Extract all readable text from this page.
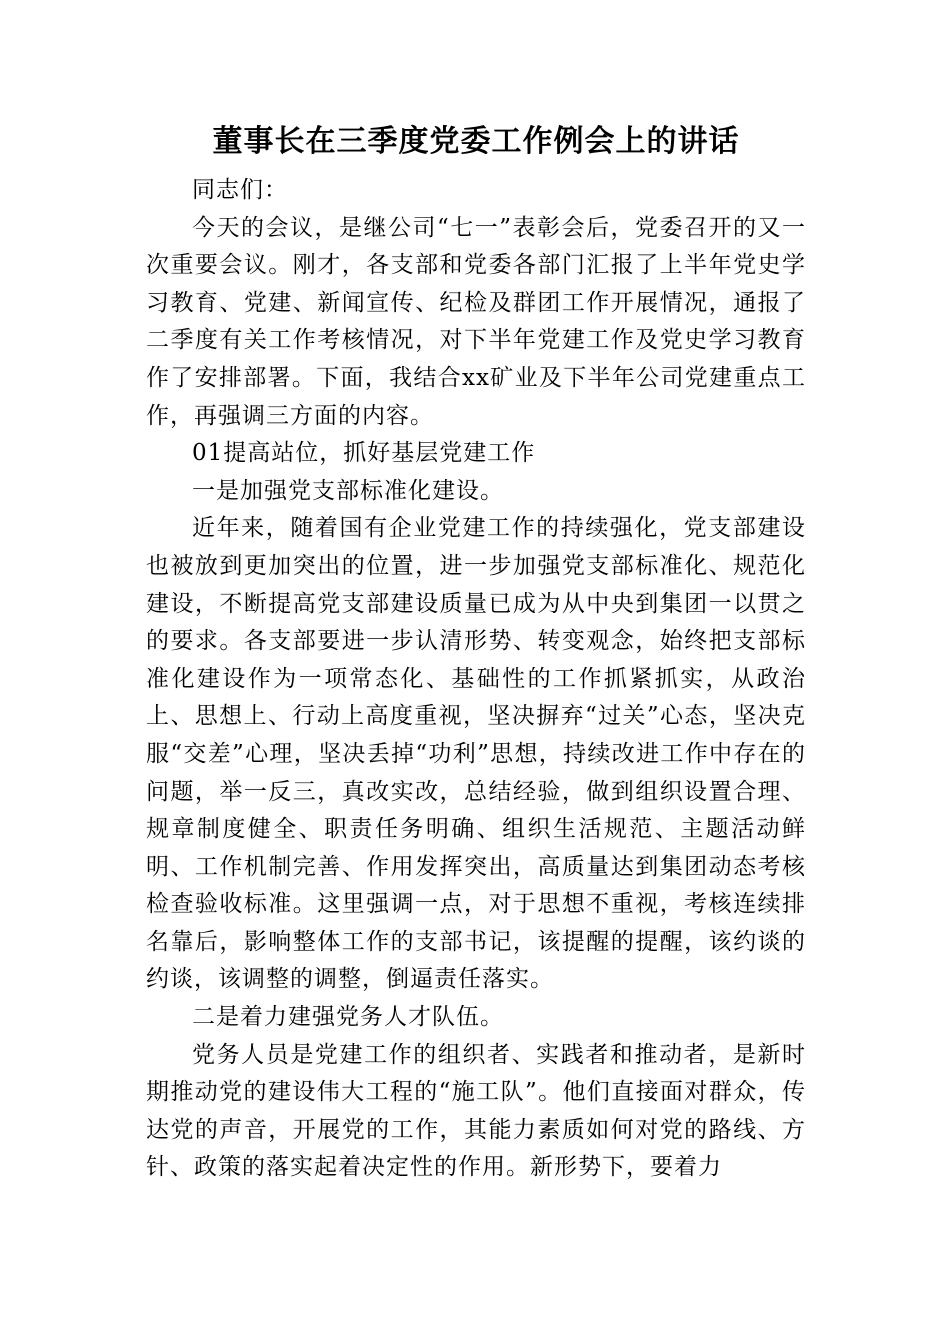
董事长在三季度党委工作例会上的讲话

同志们：

今天的会议，是继公司“七一”表彰会后，党委召开的又一次重要会议。刚才，各支部和党委各部门汇报了上半年党史学习教育、党建、新闻宣传、纪检及群团工作开展情况，通报了二季度有关工作考核情况，对下半年党建工作及党史学习教育作了安排部署。下面，我结合xx矿业及下半年公司党建重点工作，再强调三方面的内容。

01提高站位，抓好基层党建工作

一是加强党支部标准化建设。

近年来，随着国有企业党建工作的持续强化，党支部建设也被放到更加突出的位置，进一步加强党支部标准化、规范化建设，不断提高党支部建设质量已成为从中央到集团一以贯之的要求。各支部要进一步认清形势、转变观念，始终把支部标准化建设作为一项常态化、基础性的工作抓紧抓实，从政治上、思想上、行动上高度重视，坚决摒弃“过关”心态，坚决克服“交差”心理，坚决丢掉“功利”思想，持续改进工作中存在的问题，举一反三，真改实改，总结经验，做到组织设置合理、规章制度健全、职责任务明确、组织生活规范、主题活动鲜明、工作机制完善、作用发挥突出，高质量达到集团动态考核检查验收标准。这里强调一点，对于思想不重视，考核连续排名靠后，影响整体工作的支部书记，该提醒的提醒，该约谈的约谈，该调整的调整，倒逼责任落实。

二是着力建强党务人才队伍。

党务人员是党建工作的组织者、实践者和推动者，是新时期推动党的建设伟大工程的“施工队”。他们直接面对群众，传达党的声音，开展党的工作，其能力素质如何对党的路线、方针、政策的落实起着决定性的作用。新形势下，要着力
